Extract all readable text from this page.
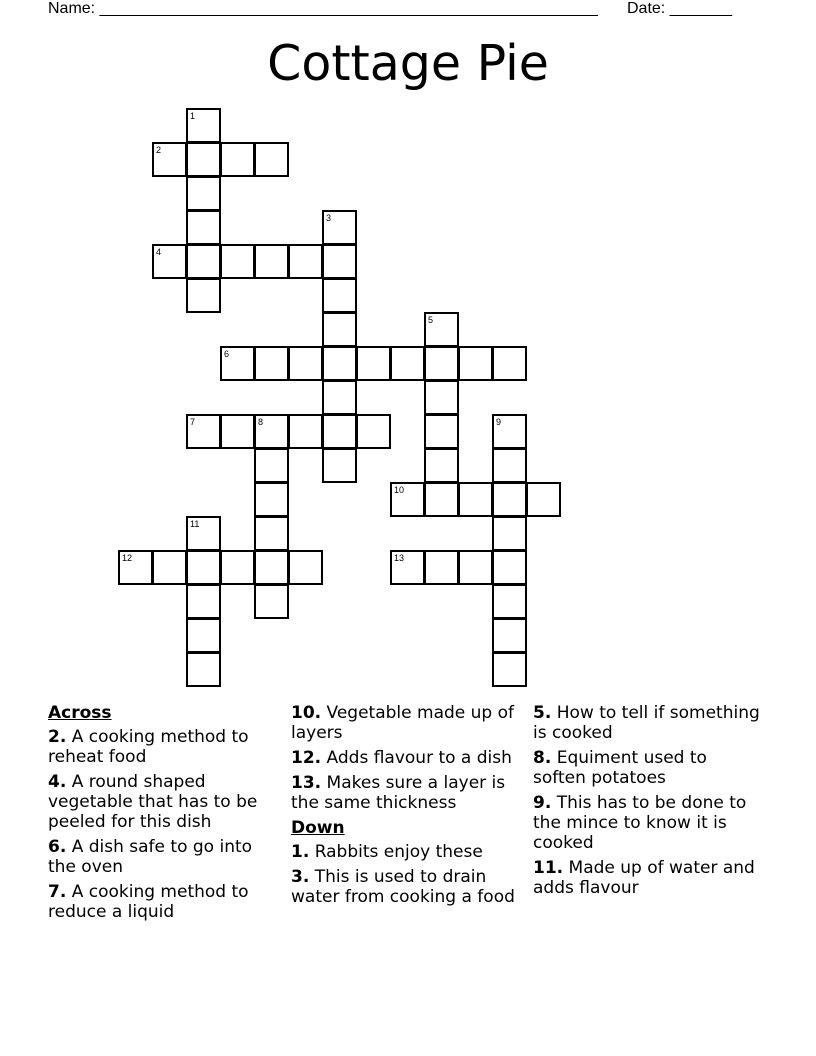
Name: ________________________________________________________ Date: _______
Cottage Pie
1
2
3
4
5
6
7	8	9
10
11
12	13
Across
2. A cooking method to reheat food
4. A round shaped vegetable that has to be peeled for this dish
6. A dish safe to go into the oven
7. A cooking method to reduce a liquid
10. Vegetable made up of layers
12. Adds flavour to a dish
13. Makes sure a layer is the same thickness
Down
1. Rabbits enjoy these
3. This is used to drain water from cooking a food
5. How to tell if something is cooked
8. Equiment used to soften potatoes
9. This has to be done to the mince to know it is cooked
11. Made up of water and adds flavour
